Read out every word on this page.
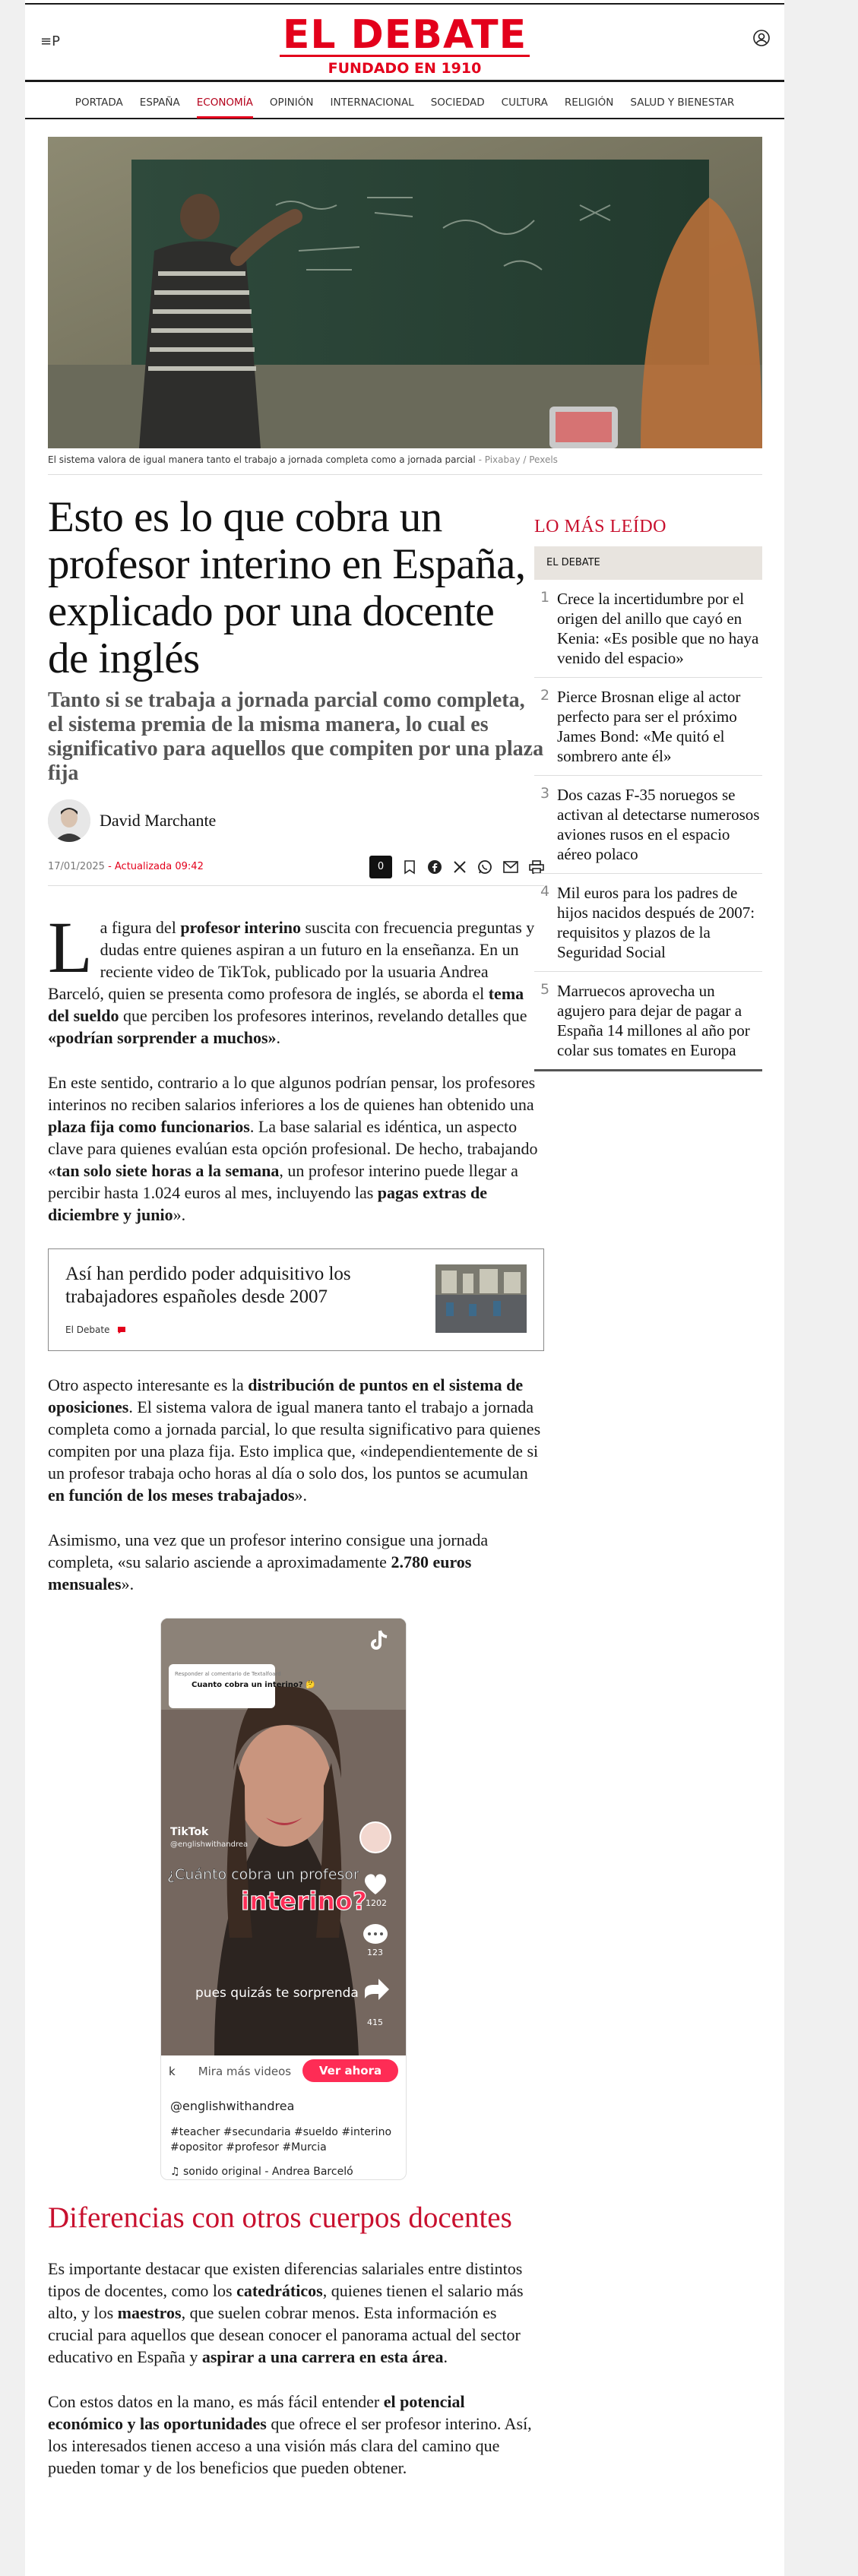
≡P	EL DEBATE
FUNDADO EN 1910
PORTADA	ESPAÑA	ECONOMÍA	OPINIÓN	INTERNACIONAL	SOCIEDAD	CULTURA	RELIGIÓN	SALUD Y BIENESTAR
El sistema valora de igual manera tanto el trabajo a jornada completa como a jornada parcial - Pixabay / Pexels
Esto es lo que cobra un profesor interino en España, explicado por una docente de inglés
Tanto si se trabaja a jornada parcial como completa, el sistema premia de la misma manera, lo cual es significativo para aquellos que compiten por una plaza fija
David Marchante
17/01/2025 - Actualizada 09:42	0

La figura del profesor interino suscita con frecuencia preguntas y dudas entre quienes aspiran a un futuro en la enseñanza. En un reciente video de TikTok, publicado por la usuaria Andrea Barceló, quien se presenta como profesora de inglés, se aborda el tema del sueldo que perciben los profesores interinos, revelando detalles que «podrían sorprender a muchos».

En este sentido, contrario a lo que algunos podrían pensar, los profesores interinos no reciben salarios inferiores a los de quienes han obtenido una plaza fija como funcionarios. La base salarial es idéntica, un aspecto clave para quienes evalúan esta opción profesional. De hecho, trabajando «tan solo siete horas a la semana, un profesor interino puede llegar a percibir hasta 1.024 euros al mes, incluyendo las pagas extras de diciembre y junio».

Así han perdido poder adquisitivo los trabajadores españoles desde 2007
El Debate

Otro aspecto interesante es la distribución de puntos en el sistema de oposiciones. El sistema valora de igual manera tanto el trabajo a jornada completa como a jornada parcial, lo que resulta significativo para quienes compiten por una plaza fija. Esto implica que, «independientemente de si un profesor trabaja ocho horas al día o solo dos, los puntos se acumulan en función de los meses trabajados».

Asimismo, una vez que un profesor interino consigue una jornada completa, «su salario asciende a aproximadamente 2.780 euros mensuales».

Responder al comentario de Textalfoard
Cuanto cobra un interino? 🤔
TikTok
@englishwithandrea
¿Cuánto cobra un profesor
interino?
pues quizás te sorprenda
1202
123
415
k Mira más videos	Ver ahora
@englishwithandrea
#teacher #secundaria #sueldo #interino #opositor #profesor #Murcia
♫ sonido original - Andrea Barceló
Diferencias con otros cuerpos docentes

Es importante destacar que existen diferencias salariales entre distintos tipos de docentes, como los catedráticos, quienes tienen el salario más alto, y los maestros, que suelen cobrar menos. Esta información es crucial para aquellos que desean conocer el panorama actual del sector educativo en España y aspirar a una carrera en esta área.

Con estos datos en la mano, es más fácil entender el potencial económico y las oportunidades que ofrece el ser profesor interino. Así, los interesados tienen acceso a una visión más clara del camino que pueden tomar y de los beneficios que pueden obtener.

LO MÁS LEÍDO
EL DEBATE
1 Crece la incertidumbre por el origen del anillo que cayó en Kenia: «Es posible que no haya venido del espacio»
2 Pierce Brosnan elige al actor perfecto para ser el próximo James Bond: «Me quitó el sombrero ante él»
3 Dos cazas F-35 noruegos se activan al detectarse numerosos aviones rusos en el espacio aéreo polaco
4 Mil euros para los padres de hijos nacidos después de 2007: requisitos y plazos de la Seguridad Social
5 Marruecos aprovecha un agujero para dejar de pagar a España 14 millones al año por colar sus tomates en Europa
